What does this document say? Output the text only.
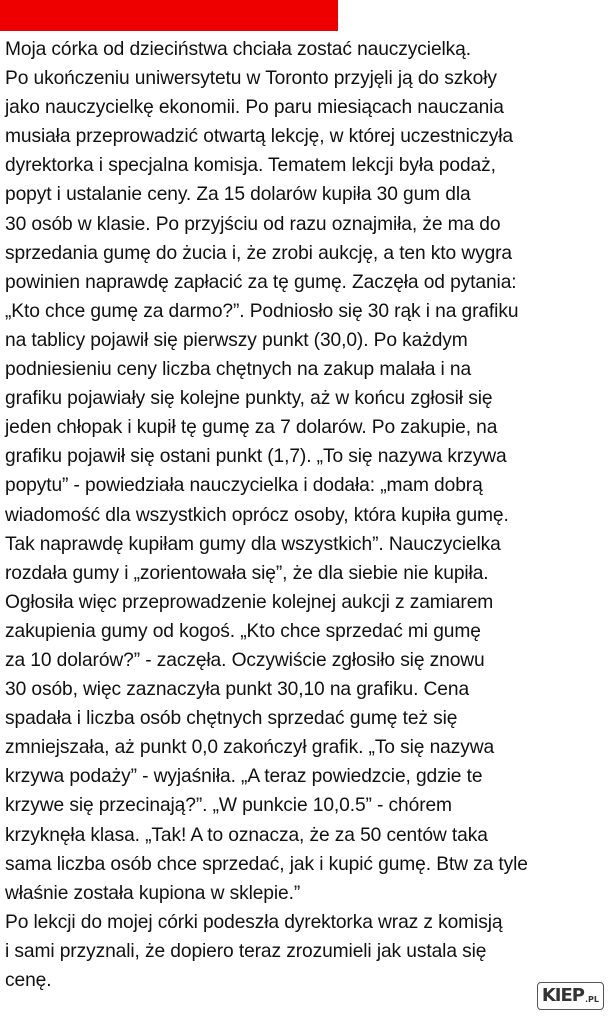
Moja córka od dzieciństwa chciała zostać nauczycielką.
Po ukończeniu uniwersytetu w Toronto przyjęli ją do szkoły
jako nauczycielkę ekonomii. Po paru miesiącach nauczania
musiała przeprowadzić otwartą lekcję, w której uczestniczyła
dyrektorka i specjalna komisja. Tematem lekcji była podaż,
popyt i ustalanie ceny. Za 15 dolarów kupiła 30 gum dla
30 osób w klasie. Po przyjściu od razu oznajmiła, że ma do
sprzedania gumę do żucia i, że zrobi aukcję, a ten kto wygra
powinien naprawdę zapłacić za tę gumę. Zaczęła od pytania:
„Kto chce gumę za darmo?”. Podniosło się 30 rąk i na grafiku
na tablicy pojawił się pierwszy punkt (30,0). Po każdym
podniesieniu ceny liczba chętnych na zakup malała i na
grafiku pojawiały się kolejne punkty, aż w końcu zgłosił się
jeden chłopak i kupił tę gumę za 7 dolarów. Po zakupie, na
grafiku pojawił się ostani punkt (1,7). „To się nazywa krzywa
popytu” - powiedziała nauczycielka i dodała: „mam dobrą
wiadomość dla wszystkich oprócz osoby, która kupiła gumę.
Tak naprawdę kupiłam gumy dla wszystkich”. Nauczycielka
rozdała gumy i „zorientowała się”, że dla siebie nie kupiła.
Ogłosiła więc przeprowadzenie kolejnej aukcji z zamiarem
zakupienia gumy od kogoś. „Kto chce sprzedać mi gumę
za 10 dolarów?” - zaczęła. Oczywiście zgłosiło się znowu
30 osób, więc zaznaczyła punkt 30,10 na grafiku. Cena
spadała i liczba osób chętnych sprzedać gumę też się
zmniejszała, aż punkt 0,0 zakończył grafik. „To się nazywa
krzywa podaży” - wyjaśniła. „A teraz powiedzcie, gdzie te
krzywe się przecinają?”. „W punkcie 10,0.5” - chórem
krzyknęła klasa. „Tak! A to oznacza, że za 50 centów taka
sama liczba osób chce sprzedać, jak i kupić gumę. Btw za tyle
właśnie została kupiona w sklepie.”
Po lekcji do mojej córki podeszła dyrektorka wraz z komisją
i sami przyznali, że dopiero teraz zrozumieli jak ustala się
cenę.
KIEP .PL
